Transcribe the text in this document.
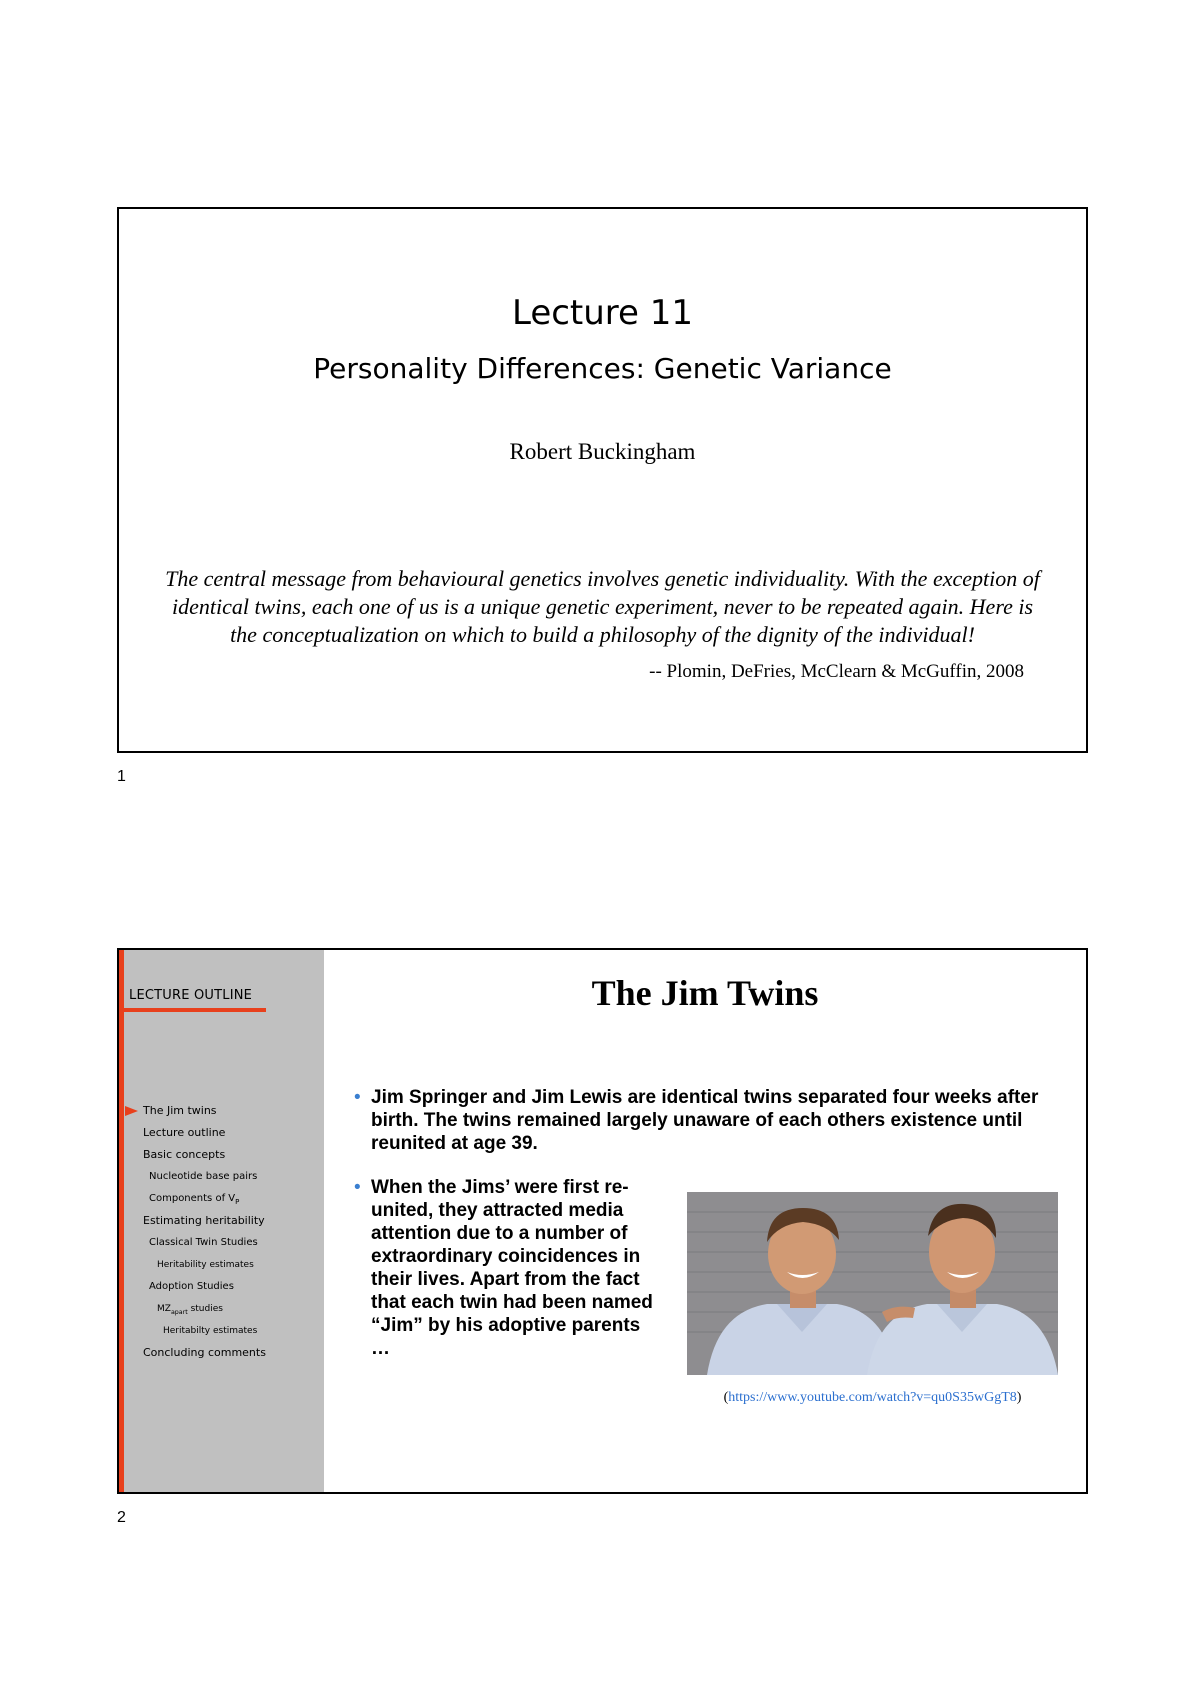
Lecture 11
Personality Differences: Genetic Variance
Robert Buckingham
The central message from behavioural genetics involves genetic individuality. With the exception of identical twins, each one of us is a unique genetic experiment, never to be repeated again. Here is the conceptualization on which to build a philosophy of the dignity of the individual!
-- Plomin, DeFries, McClearn & McGuffin, 2008
1
LECTURE OUTLINE
The Jim twins
Lecture outline
Basic concepts
Nucleotide base pairs
Components of $V_P$
Estimating heritability
Classical Twin Studies
Heritability estimates
Adoption Studies
$MZ_{apart}$ studies
Heritabilty estimates
Concluding comments
The Jim Twins
• Jim Springer and Jim Lewis are identical twins separated four weeks after birth. The twins remained largely unaware of each others existence until reunited at age 39.
• When the Jims’ were first re-united, they attracted media attention due to a number of extraordinary coincidences in their lives. Apart from the fact that each twin had been named “Jim” by his adoptive parents …
(https://www.youtube.com/watch?v=qu0S35wGgT8)
2
